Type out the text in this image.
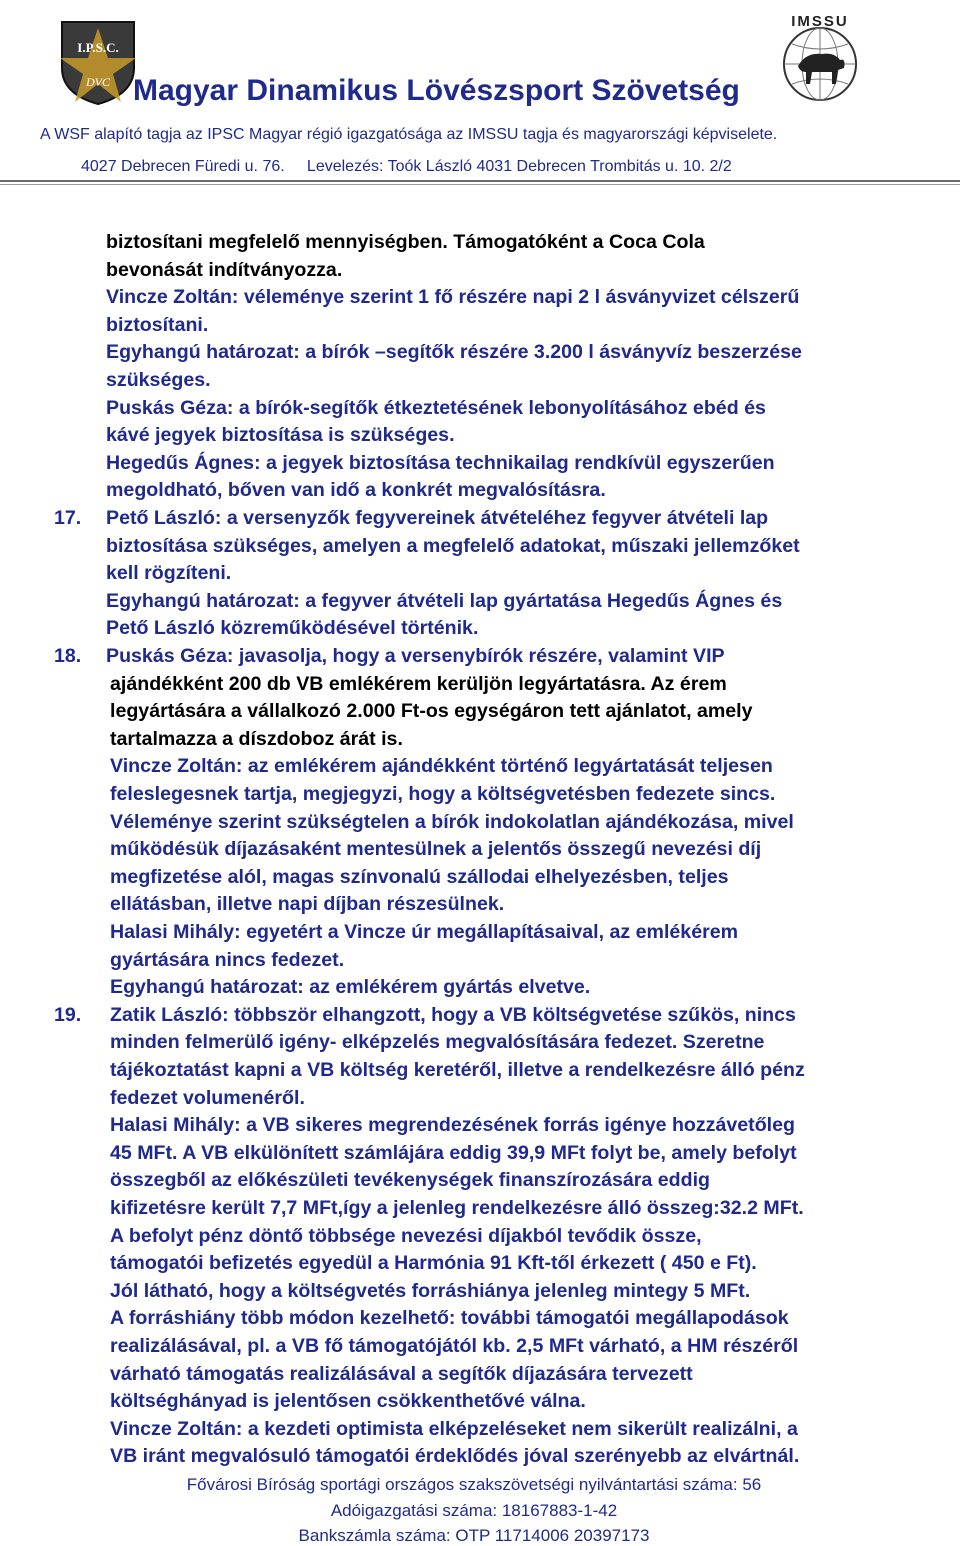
I.P.S.C.
DVC
IMSSU
Magyar Dinamikus Lövészsport Szövetség
A WSF alapító tagja az IPSC Magyar régió igazgatósága az IMSSU tagja és magyarországi képviselete.
4027 Debrecen Füredi u. 76.     Levelezés: Toók László 4031 Debrecen Trombitás u. 10. 2/2
biztosítani megfelelő mennyiségben. Támogatóként a Coca Cola
bevonását indítványozza.
Vincze Zoltán: véleménye szerint 1 fő részére napi 2 l ásványvizet célszerű
biztosítani.
Egyhangú határozat: a bírók –segítők részére 3.200 l ásványvíz beszerzése
szükséges.
Puskás Géza: a bírók-segítők étkeztetésének lebonyolításához ebéd és
kávé jegyek biztosítása is szükséges.
Hegedűs Ágnes: a jegyek biztosítása technikailag rendkívül egyszerűen
megoldható, bőven van idő a konkrét megvalósításra.
17. Pető László: a versenyzők fegyvereinek átvételéhez fegyver átvételi lap
biztosítása szükséges, amelyen a megfelelő adatokat, műszaki jellemzőket
kell rögzíteni.
Egyhangú határozat: a fegyver átvételi lap gyártatása Hegedűs Ágnes és
Pető László közreműködésével történik.
18. Puskás Géza: javasolja, hogy a versenybírók részére, valamint VIP
ajándékként 200 db VB emlékérem kerüljön legyártatásra. Az érem
legyártására a vállalkozó 2.000 Ft-os egységáron tett ajánlatot, amely
tartalmazza a díszdoboz árát is.
Vincze Zoltán: az emlékérem ajándékként történő legyártatását teljesen
feleslegesnek tartja, megjegyzi, hogy a költségvetésben fedezete sincs.
Véleménye szerint szükségtelen a bírók indokolatlan ajándékozása, mivel
működésük díjazásaként mentesülnek a jelentős összegű nevezési díj
megfizetése alól, magas színvonalú szállodai elhelyezésben, teljes
ellátásban, illetve napi díjban részesülnek.
Halasi Mihály: egyetért a Vincze úr megállapításaival, az emlékérem
gyártására nincs fedezet.
Egyhangú határozat: az emlékérem gyártás elvetve.
19. Zatik László: többször elhangzott, hogy a VB költségvetése szűkös, nincs
minden felmerülő igény- elképzelés megvalósítására fedezet. Szeretne
tájékoztatást kapni a VB költség keretéről, illetve a rendelkezésre álló pénz
fedezet volumenéről.
Halasi Mihály: a VB sikeres megrendezésének forrás igénye hozzávetőleg
45 MFt. A VB elkülönített számlájára eddig 39,9 MFt folyt be, amely befolyt
összegből az előkészületi tevékenységek finanszírozására eddig
kifizetésre került 7,7 MFt,így a jelenleg rendelkezésre álló összeg:32.2 MFt.
A befolyt pénz döntő többsége nevezési díjakból tevődik össze,
támogatói befizetés egyedül a Harmónia 91 Kft-től érkezett ( 450 e Ft).
Jól látható, hogy a költségvetés forráshiánya jelenleg mintegy 5 MFt.
A forráshiány több módon kezelhető: további támogatói megállapodások
realizálásával, pl. a VB fő támogatójától kb. 2,5 MFt várható, a HM részéről
várható támogatás realizálásával a segítők díjazására tervezett
költséghányad is jelentősen csökkenthetővé válna.
Vincze Zoltán: a kezdeti optimista elképzeléseket nem sikerült realizálni, a
VB iránt megvalósuló támogatói érdeklődés jóval szerényebb az elvártnál.
Fővárosi Bíróság sportági országos szakszövetségi nyilvántartási száma: 56
Adóigazgatási száma: 18167883-1-42
Bankszámla száma: OTP 11714006 20397173
